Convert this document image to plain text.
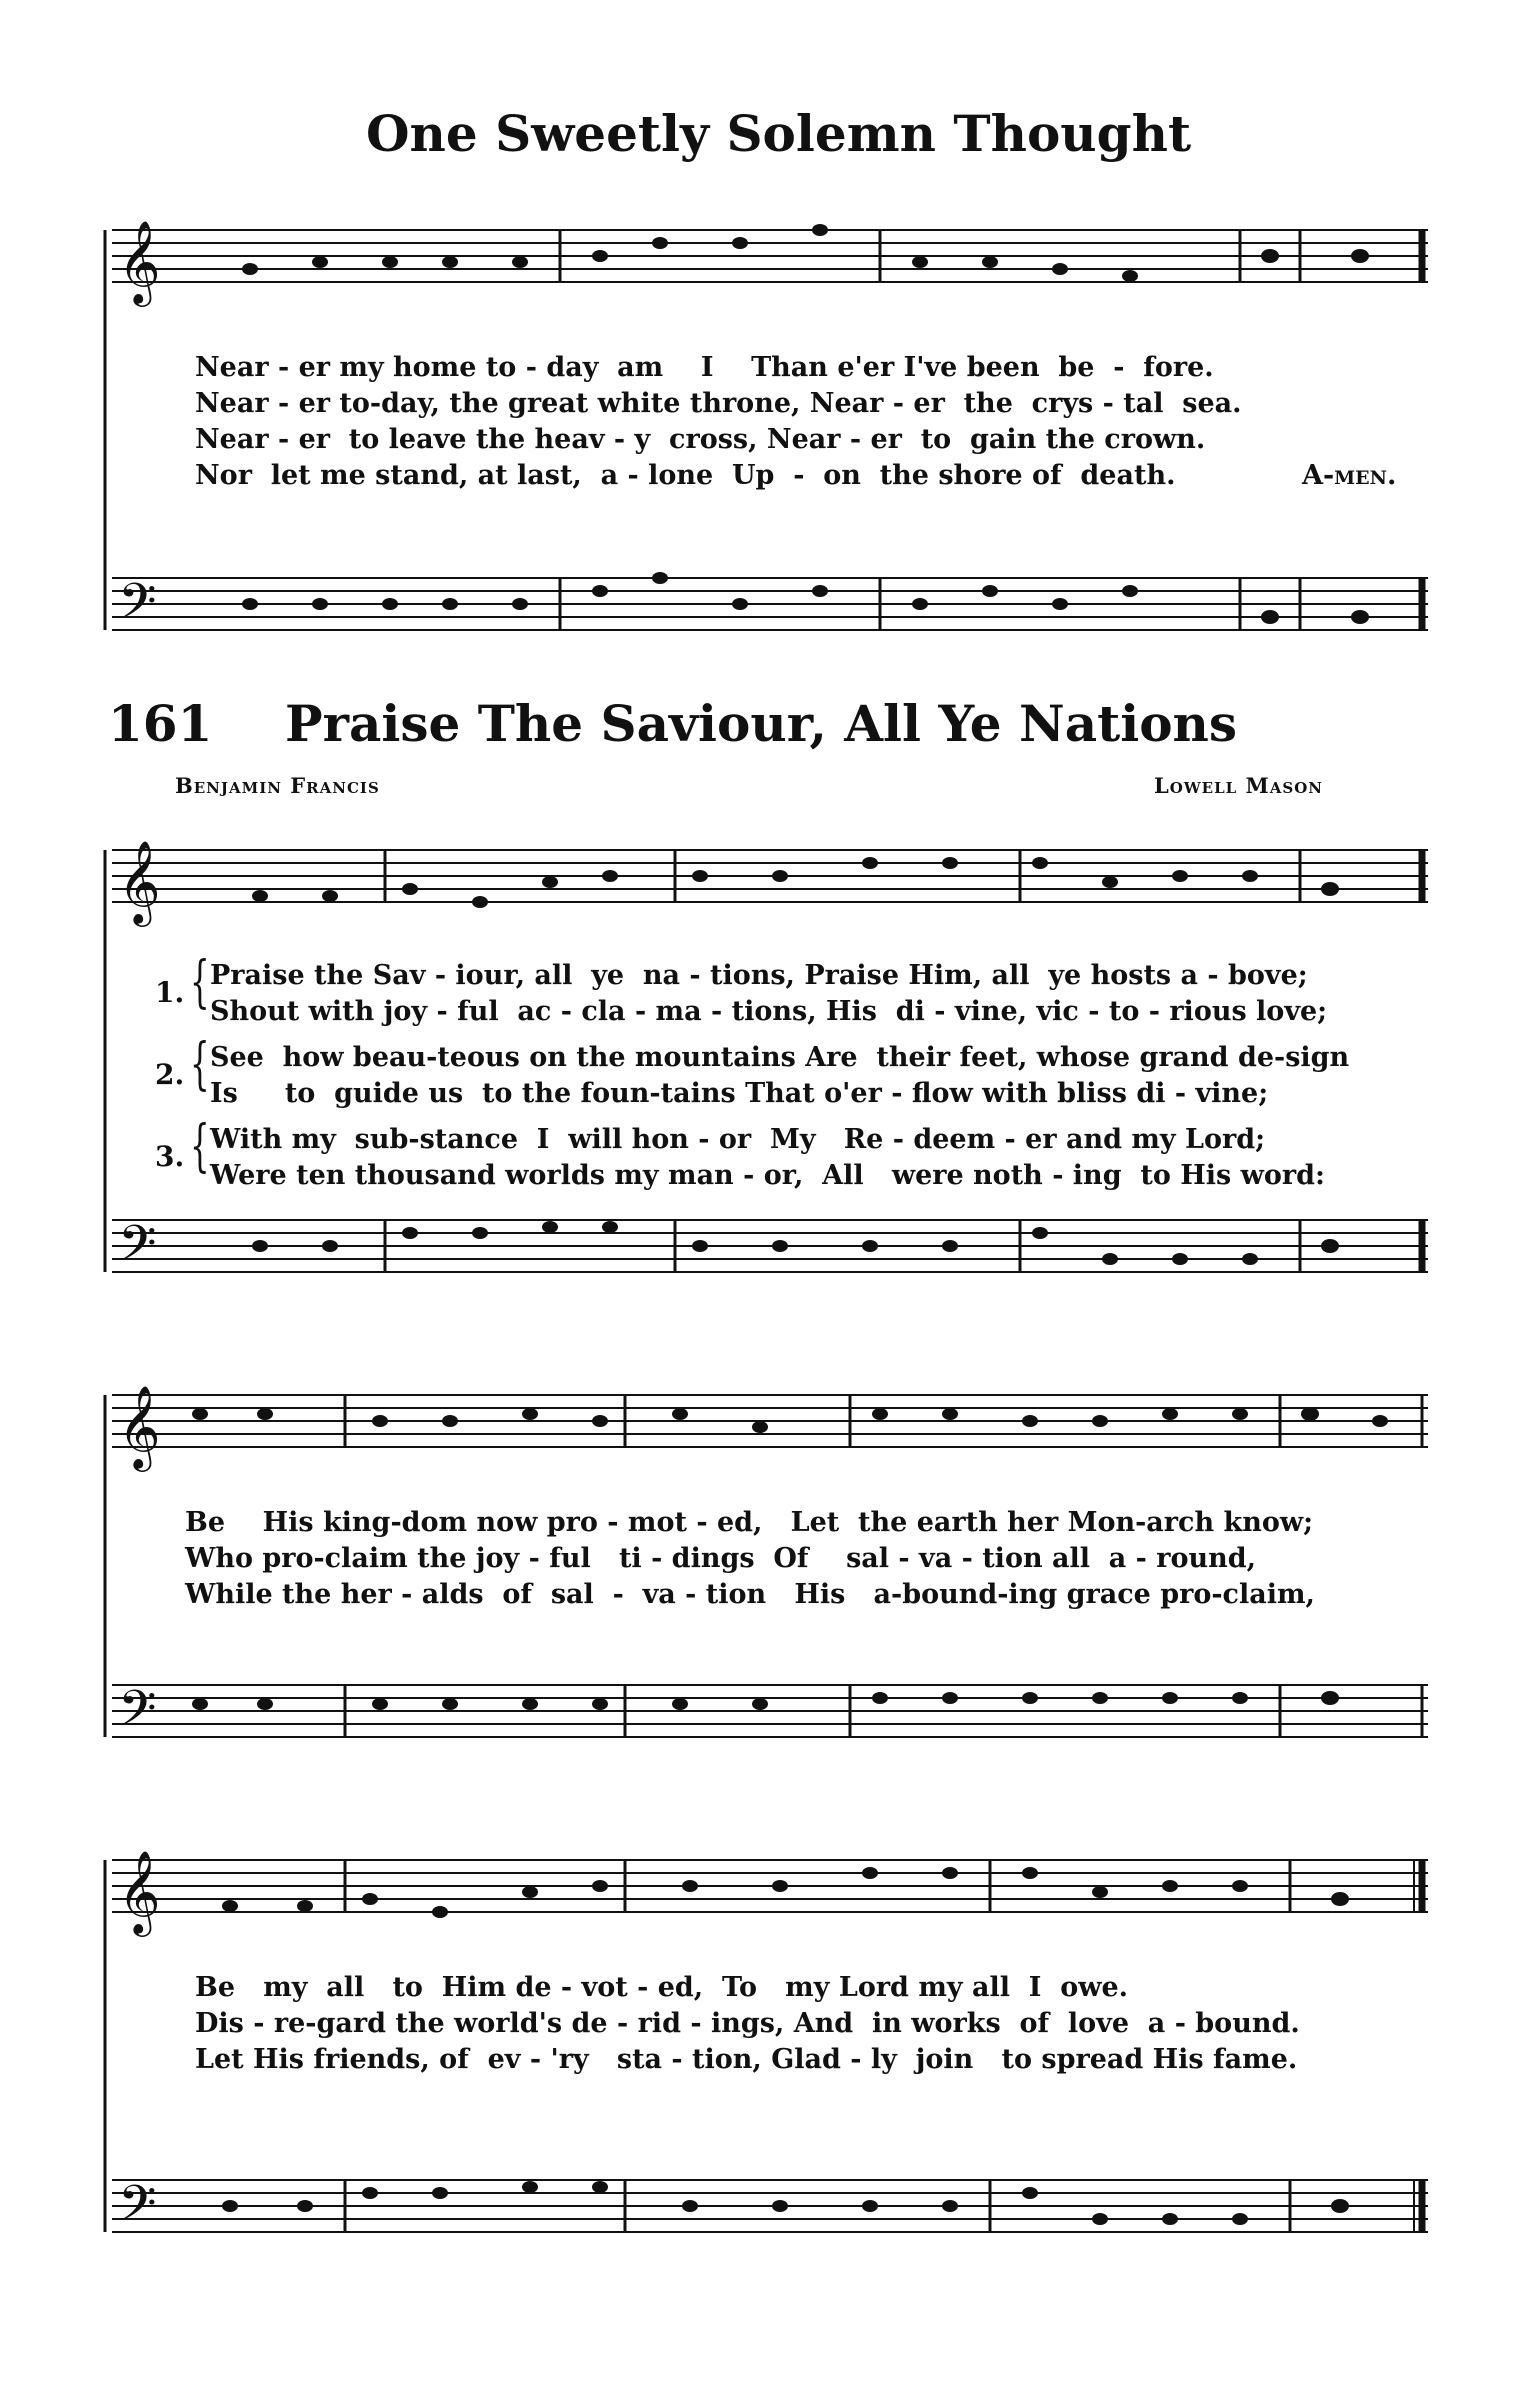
One Sweetly Solemn Thought
𝄞
𝄢
Near - er my home to - day  am    I    Than e'er I've been  be  -  fore.
Near - er to-day, the great white throne, Near - er  the  crys - tal  sea.
Near - er  to leave the heav - y  cross, Near - er  to  gain the crown.
Nor  let me stand, at last,  a - lone  Up  -  on  the shore of  death.	A-men.
161 Praise The Saviour, All Ye Nations

Benjamin Francis	Lowell Mason

𝄞
𝄢
1. { Praise the Sav - iour, all  ye  na - tions, Praise Him, all  ye hosts a - bove;
Shout with joy - ful  ac - cla - ma - tions, His  di - vine, vic - to - rious love;
2. { See  how beau-teous on the mountains Are  their feet, whose grand de-sign
Is     to  guide us  to the foun-tains That o'er - flow with bliss di - vine;
3. { With my  sub-stance  I  will hon - or  My   Re - deem - er and my Lord;
Were ten thousand worlds my man - or,  All   were noth - ing  to His word:
𝄞
𝄢
Be    His king-dom now pro - mot - ed,   Let  the earth her Mon-arch know;
Who pro-claim the joy - ful   ti - dings  Of    sal - va - tion all  a - round,
While the her - alds  of  sal  -  va - tion   His   a-bound-ing grace pro-claim,
𝄞
𝄢
Be   my  all   to  Him de - vot - ed,  To   my Lord my all  I  owe.
Dis - re-gard the world's de - rid - ings, And  in works  of  love  a - bound.
Let His friends, of  ev - 'ry   sta - tion, Glad - ly  join   to spread His fame.
